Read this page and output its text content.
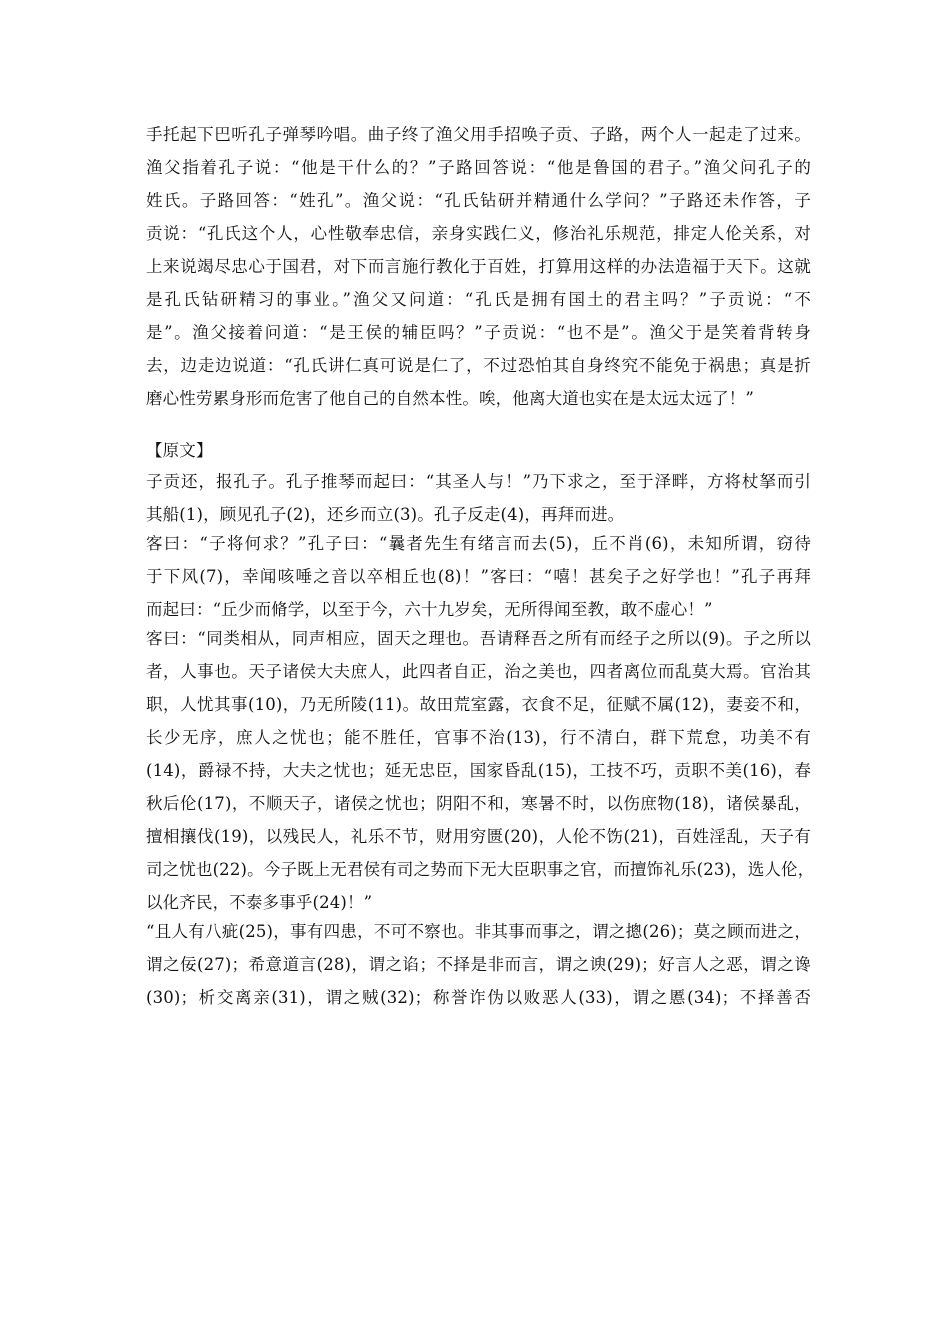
手托起下巴听孔子弹琴吟唱。曲子终了渔父用手招唤子贡、子路，两个人一起走了过来。
渔父指着孔子说：“他是干什么的？”子路回答说：“他是鲁国的君子。”渔父问孔子的
姓氏。子路回答：“姓孔”。渔父说：“孔氏钻研并精通什么学问？”子路还未作答，子
贡说：“孔氏这个人，心性敬奉忠信，亲身实践仁义，修治礼乐规范，排定人伦关系，对
上来说竭尽忠心于国君，对下而言施行教化于百姓，打算用这样的办法造福于天下。这就
是孔氏钻研精习的事业。”渔父又问道：“孔氏是拥有国土的君主吗？”子贡说：“不
是”。渔父接着问道：“是王侯的辅臣吗？”子贡说：“也不是”。渔父于是笑着背转身
去，边走边说道：“孔氏讲仁真可说是仁了，不过恐怕其自身终究不能免于祸患；真是折
磨心性劳累身形而危害了他自己的自然本性。唉，他离大道也实在是太远太远了！”
【原文】
子贡还，报孔子。孔子推琴而起曰：“其圣人与！”乃下求之，至于泽畔，方将杖拏而引
其船(1)，顾见孔子(2)，还乡而立(3)。孔子反走(4)，再拜而进。
客曰：“子将何求？”孔子曰：“曩者先生有绪言而去(5)，丘不肖(6)，未知所谓，窃待
于下风(7)，幸闻咳唾之音以卒相丘也(8)！”客曰：“嘻！甚矣子之好学也！”孔子再拜
而起曰：“丘少而脩学，以至于今，六十九岁矣，无所得闻至教，敢不虚心！”
客曰：“同类相从，同声相应，固天之理也。吾请释吾之所有而经子之所以(9)。子之所以
者，人事也。天子诸侯大夫庶人，此四者自正，治之美也，四者离位而乱莫大焉。官治其
职，人忧其事(10)，乃无所陵(11)。故田荒室露，衣食不足，征赋不属(12)，妻妾不和，
长少无序，庶人之忧也；能不胜任，官事不治(13)，行不清白，群下荒怠，功美不有
(14)，爵禄不持，大夫之忧也；延无忠臣，国家昏乱(15)，工技不巧，贡职不美(16)，春
秋后伦(17)，不顺天子，诸侯之忧也；阴阳不和，寒暑不时，以伤庶物(18)，诸侯暴乱，
擅相攘伐(19)，以残民人，礼乐不节，财用穷匮(20)，人伦不饬(21)，百姓淫乱，天子有
司之忧也(22)。今子既上无君侯有司之势而下无大臣职事之官，而擅饰礼乐(23)，选人伦，
以化齐民，不泰多事乎(24)！”
“且人有八疵(25)，事有四患，不可不察也。非其事而事之，谓之摠(26)；莫之顾而进之，
谓之佞(27)；希意道言(28)，谓之谄；不择是非而言，谓之谀(29)；好言人之恶，谓之谗
(30)；析交离亲(31)，谓之贼(32)；称誉诈伪以败恶人(33)，谓之慝(34)；不择善否
